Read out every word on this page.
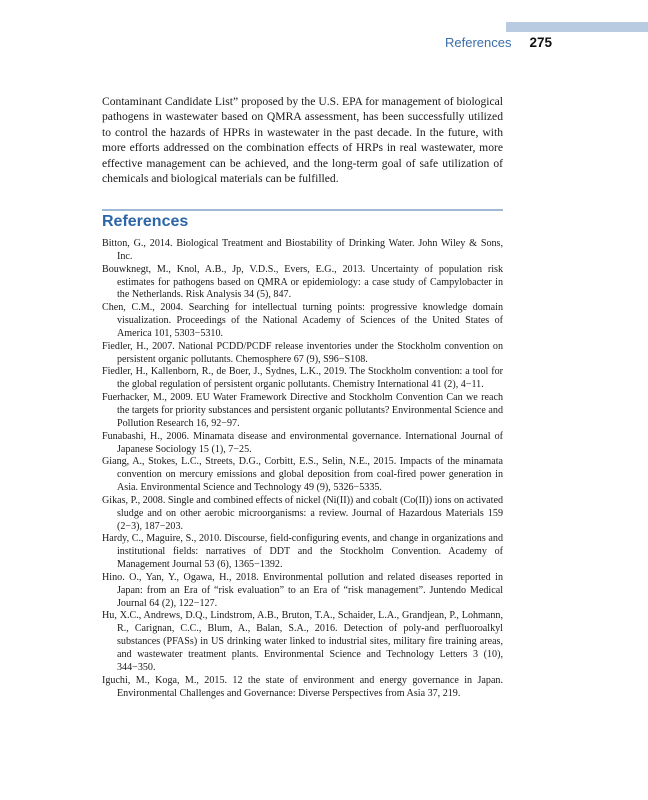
References 275

Contaminant Candidate List” proposed by the U.S. EPA for management of biological pathogens in wastewater based on QMRA assessment, has been successfully utilized to control the hazards of HPRs in wastewater in the past decade. In the future, with more efforts addressed on the combination effects of HRPs in real wastewater, more effective management can be achieved, and the long-term goal of safe utilization of chemicals and biological materials can be fulfilled.

References
Bitton, G., 2014. Biological Treatment and Biostability of Drinking Water. John Wiley & Sons, Inc.
Bouwknegt, M., Knol, A.B., Jp, V.D.S., Evers, E.G., 2013. Uncertainty of population risk estimates for pathogens based on QMRA or epidemiology: a case study of Campylobacter in the Netherlands. Risk Analysis 34 (5), 847.
Chen, C.M., 2004. Searching for intellectual turning points: progressive knowledge domain visualization. Proceedings of the National Academy of Sciences of the United States of America 101, 5303−5310.
Fiedler, H., 2007. National PCDD/PCDF release inventories under the Stockholm convention on persistent organic pollutants. Chemosphere 67 (9), S96−S108.
Fiedler, H., Kallenborn, R., de Boer, J., Sydnes, L.K., 2019. The Stockholm convention: a tool for the global regulation of persistent organic pollutants. Chemistry International 41 (2), 4−11.
Fuerhacker, M., 2009. EU Water Framework Directive and Stockholm Convention Can we reach the targets for priority substances and persistent organic pollutants? Environmental Science and Pollution Research 16, 92−97.
Funabashi, H., 2006. Minamata disease and environmental governance. International Journal of Japanese Sociology 15 (1), 7−25.
Giang, A., Stokes, L.C., Streets, D.G., Corbitt, E.S., Selin, N.E., 2015. Impacts of the minamata convention on mercury emissions and global deposition from coal-fired power generation in Asia. Environmental Science and Technology 49 (9), 5326−5335.
Gikas, P., 2008. Single and combined effects of nickel (Ni(II)) and cobalt (Co(II)) ions on activated sludge and on other aerobic microorganisms: a review. Journal of Hazardous Materials 159 (2−3), 187−203.
Hardy, C., Maguire, S., 2010. Discourse, field-configuring events, and change in organizations and institutional fields: narratives of DDT and the Stockholm Convention. Academy of Management Journal 53 (6), 1365−1392.
Hino. O., Yan, Y., Ogawa, H., 2018. Environmental pollution and related diseases reported in Japan: from an Era of “risk evaluation” to an Era of “risk management”. Juntendo Medical Journal 64 (2), 122−127.
Hu, X.C., Andrews, D.Q., Lindstrom, A.B., Bruton, T.A., Schaider, L.A., Grandjean, P., Lohmann, R., Carignan, C.C., Blum, A., Balan, S.A., 2016. Detection of poly-and perfluoroalkyl substances (PFASs) in US drinking water linked to industrial sites, military fire training areas, and wastewater treatment plants. Environmental Science and Technology Letters 3 (10), 344−350.
Iguchi, M., Koga, M., 2015. 12 the state of environment and energy governance in Japan. Environmental Challenges and Governance: Diverse Perspectives from Asia 37, 219.
